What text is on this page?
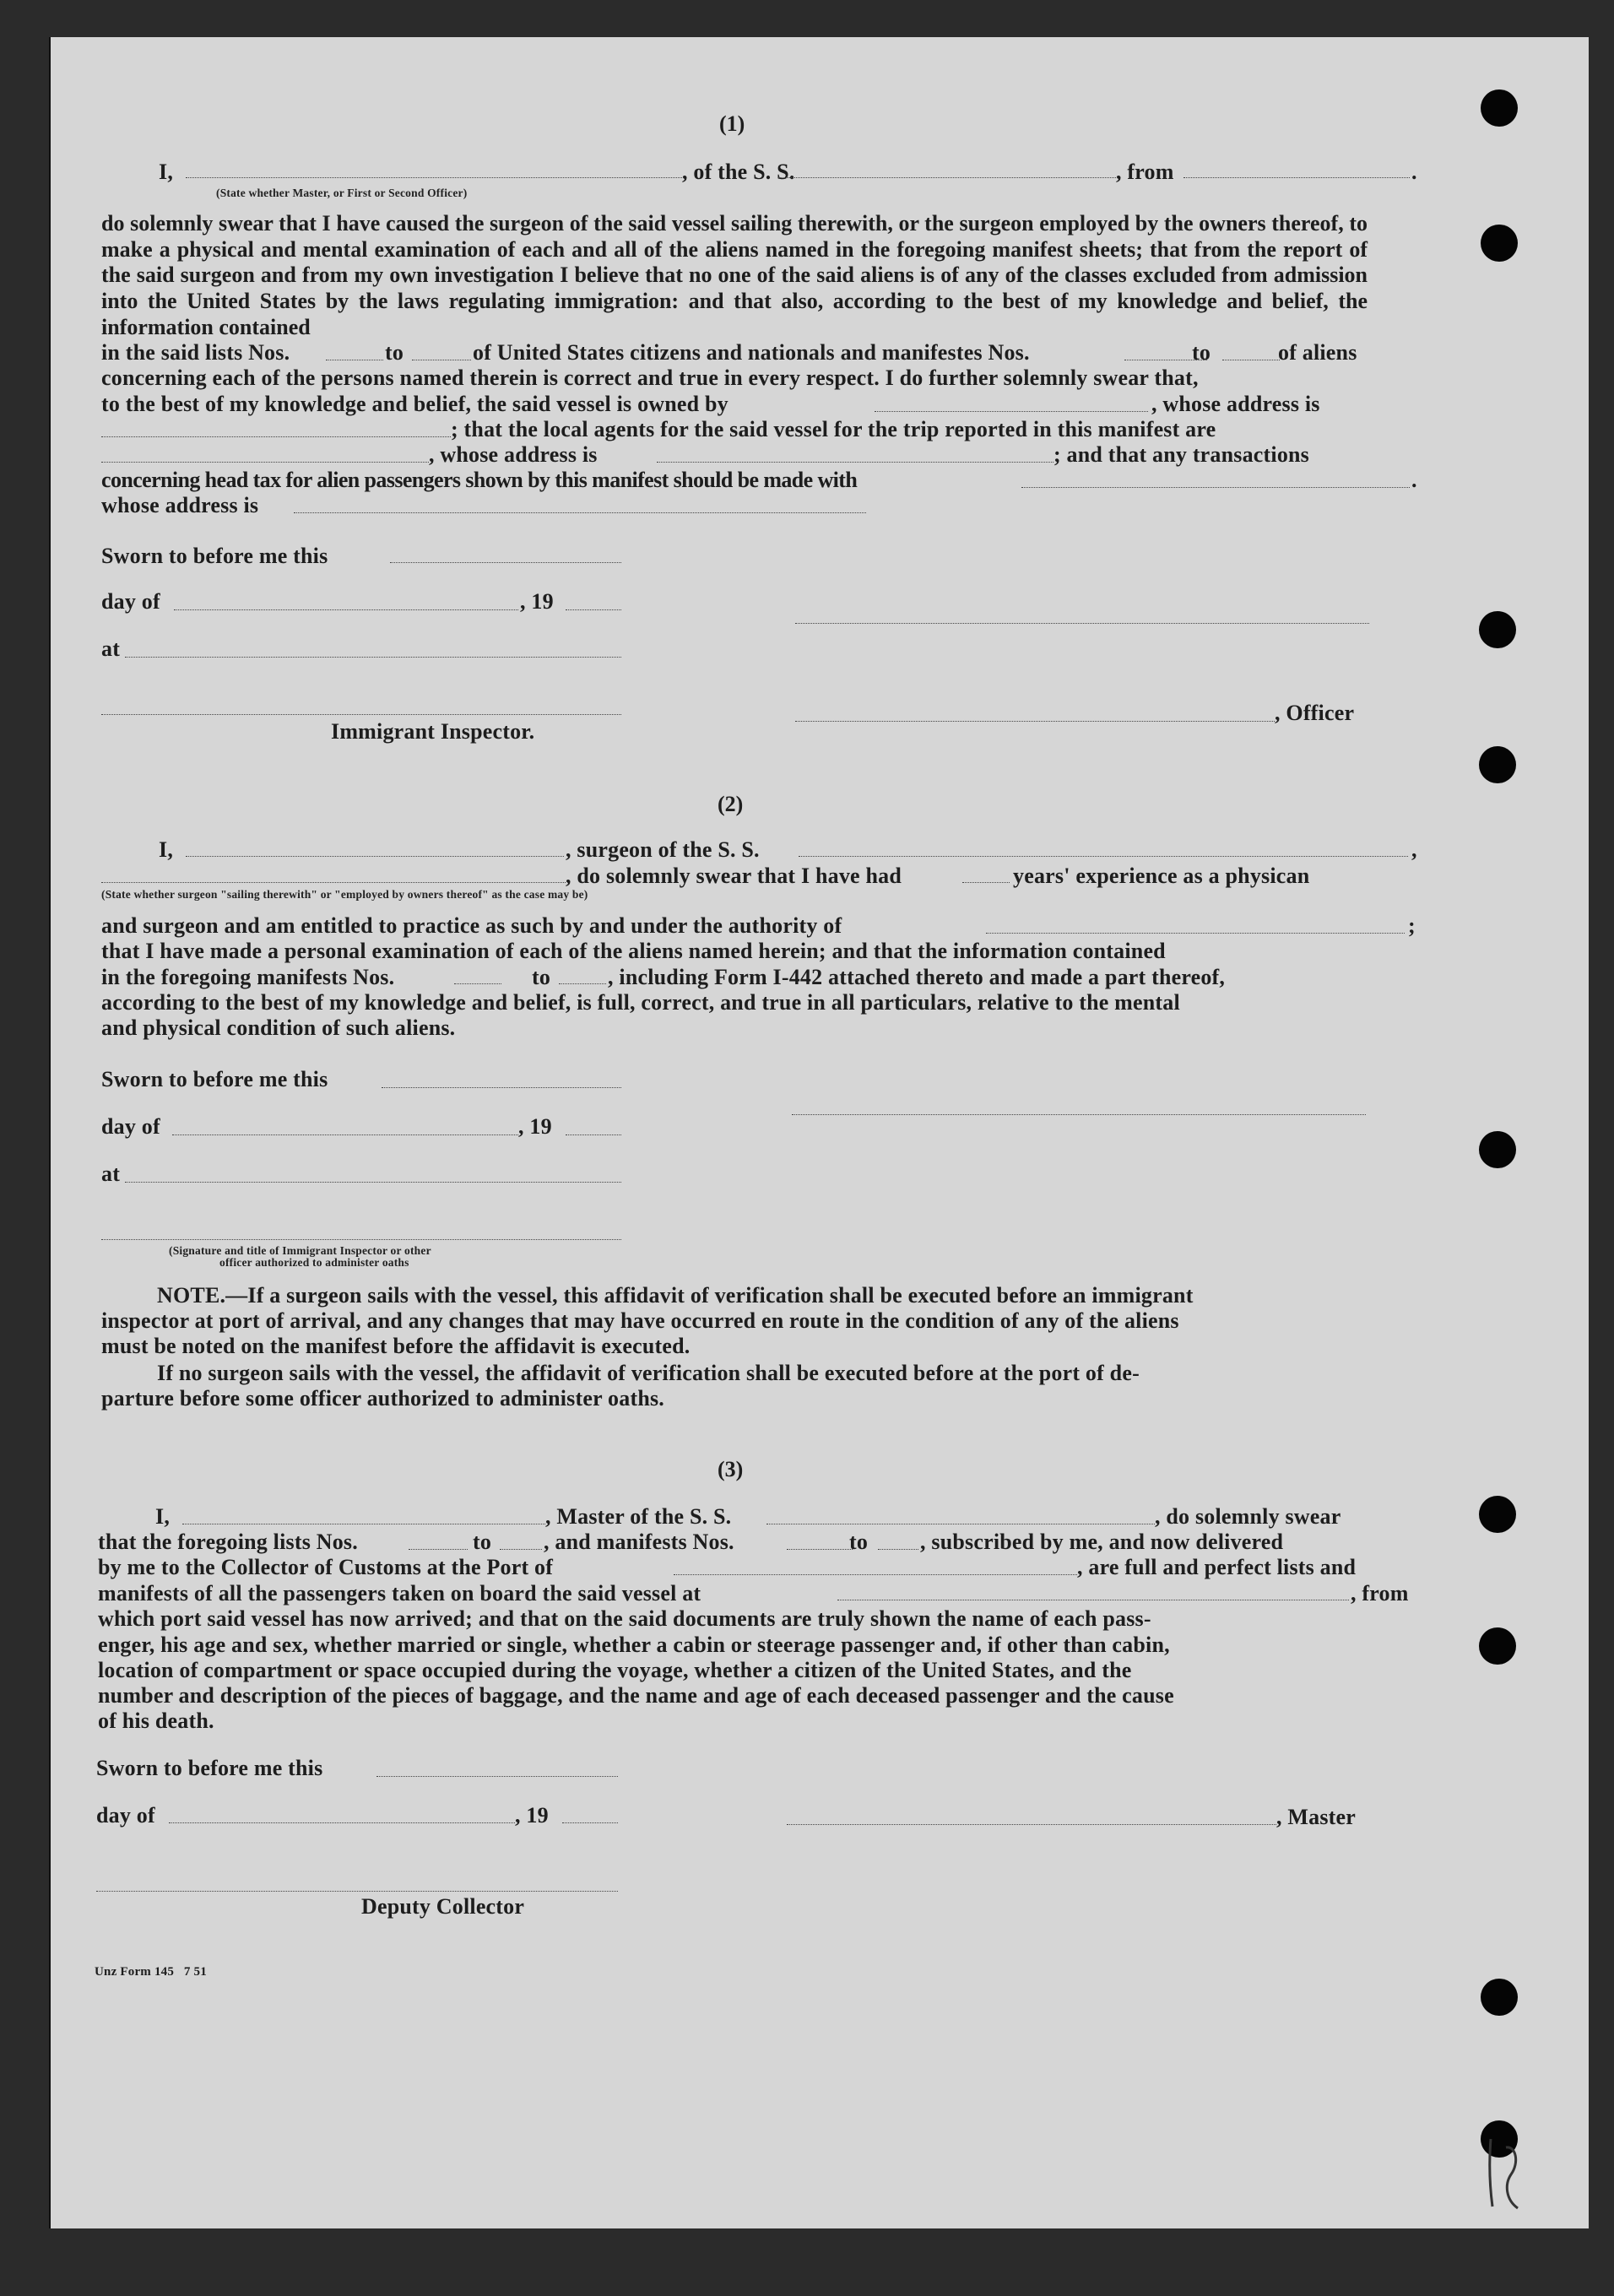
(1)
I,	, of the S. S.	, from	.
(State whether Master, or First or Second Officer)
do solemnly swear that I have caused the surgeon of the said vessel sailing therewith, or the surgeon employed by the owners thereof, to make a physical and mental examination of each and all of the aliens named in the foregoing manifest sheets; that from the report of the said surgeon and from my own investigation I believe that no one of the said aliens is of any of the classes excluded from admission into the United States by the laws regulating immigration: and that also, according to the best of my knowledge and belief, the information contained
in the said lists Nos.	to	of United States citizens and nationals and manifestes Nos.	to	of aliens
concerning each of the persons named therein is correct and true in every respect. I do further solemnly swear that,
to the best of my knowledge and belief, the said vessel is owned by	, whose address is
; that the local agents for the said vessel for the trip reported in this manifest are
, whose address is	; and that any transactions
concerning head tax for alien passengers shown by this manifest should be made with	.
whose address is
Sworn to before me this
day of	, 19
at
, Officer
Immigrant Inspector.
(2)
I,	, surgeon of the S. S.	,
, do solemnly swear that I have had	years' experience as a physican
(State whether surgeon "sailing therewith" or "employed by owners thereof" as the case may be)
and surgeon and am entitled to practice as such by and under the authority of	;
that I have made a personal examination of each of the aliens named herein; and that the information contained
in the foregoing manifests Nos.	to	, including Form I-442 attached thereto and made a part thereof,
according to the best of my knowledge and belief, is full, correct, and true in all particulars, relative to the mental
and physical condition of such aliens.
Sworn to before me this
day of	, 19
at
(Signature and title of Immigrant Inspector or other
officer authorized to administer oaths
NOTE.—If a surgeon sails with the vessel, this affidavit of verification shall be executed before an immigrant
inspector at port of arrival, and any changes that may have occurred en route in the condition of any of the aliens
must be noted on the manifest before the affidavit is executed.
If no surgeon sails with the vessel, the affidavit of verification shall be executed before at the port of de-
parture before some officer authorized to administer oaths.
(3)
I,	, Master of the S. S.	, do solemnly swear
that the foregoing lists Nos.	to , and manifests Nos.	to , subscribed by me, and now delivered
by me to the Collector of Customs at the Port of	, are full and perfect lists and
manifests of all the passengers taken on board the said vessel at	, from
which port said vessel has now arrived; and that on the said documents are truly shown the name of each pass-
enger, his age and sex, whether married or single, whether a cabin or steerage passenger and, if other than cabin,
location of compartment or space occupied during the voyage, whether a citizen of the United States, and the
number and description of the pieces of baggage, and the name and age of each deceased passenger and the cause
of his death.
Sworn to before me this
day of	, 19	, Master
Deputy Collector
Unz Form 145   7 51
